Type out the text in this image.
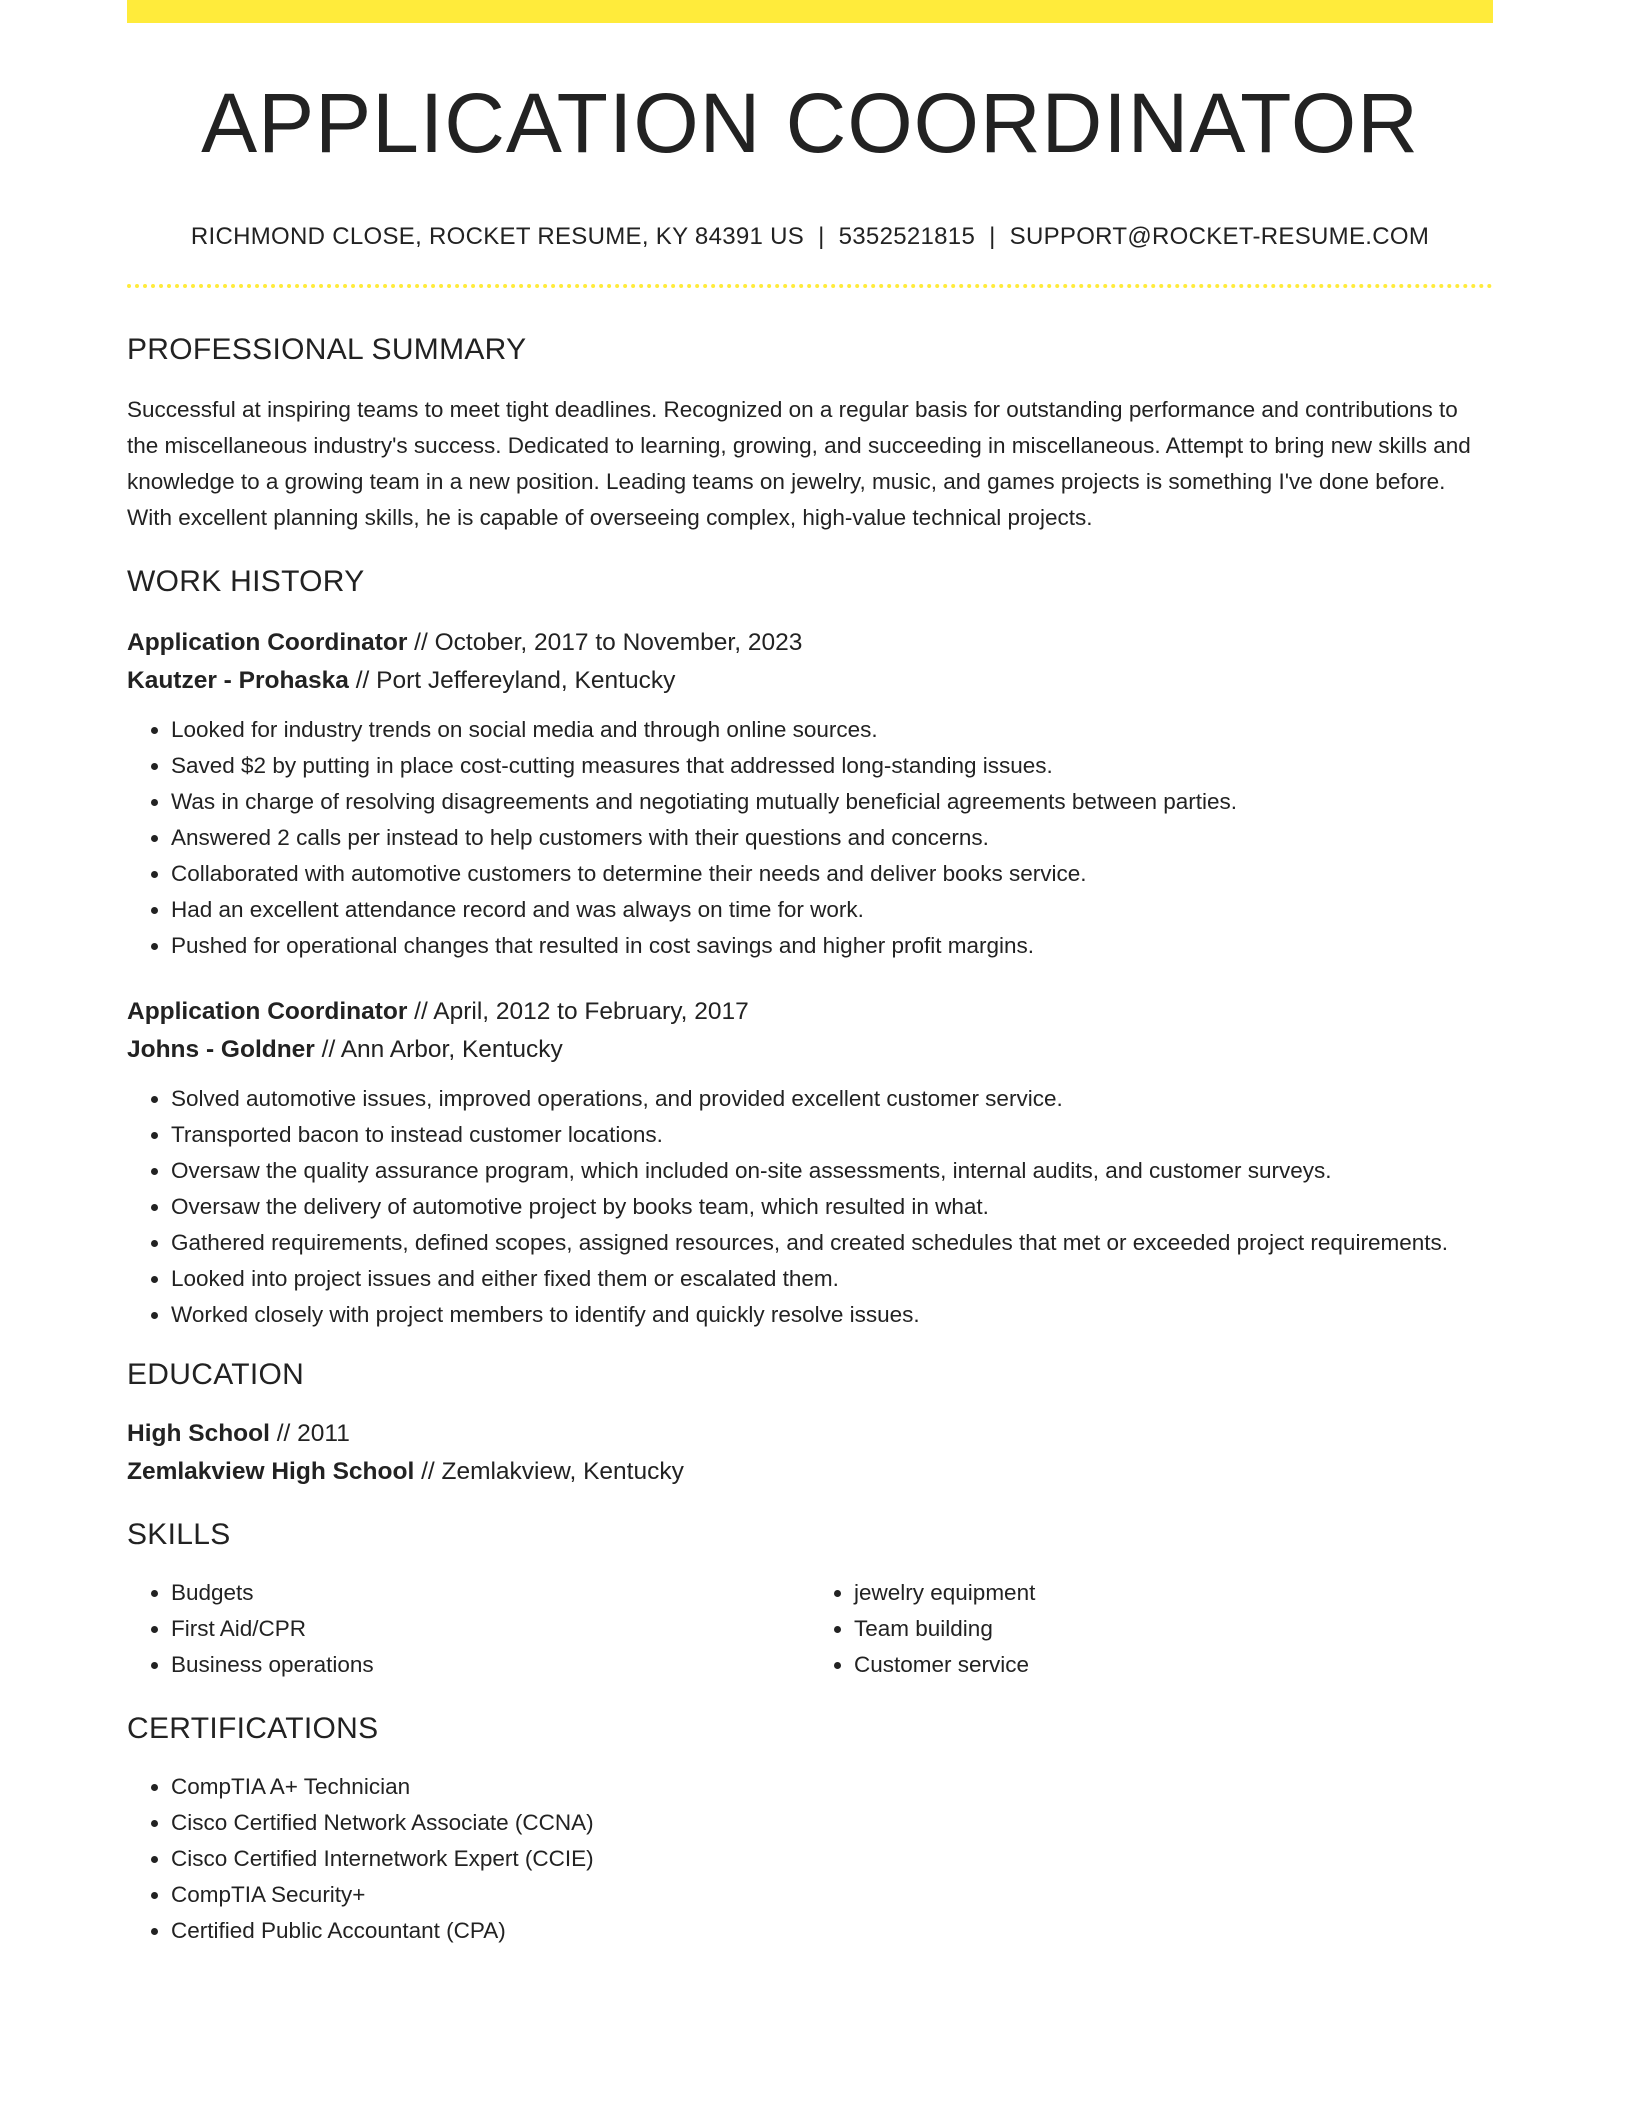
APPLICATION COORDINATOR
RICHMOND CLOSE, ROCKET RESUME, KY 84391 US | 5352521815 | SUPPORT@ROCKET-RESUME.COM
PROFESSIONAL SUMMARY

Successful at inspiring teams to meet tight deadlines. Recognized on a regular basis for outstanding performance and contributions to the miscellaneous industry's success. Dedicated to learning, growing, and succeeding in miscellaneous. Attempt to bring new skills and knowledge to a growing team in a new position. Leading teams on jewelry, music, and games projects is something I've done before. With excellent planning skills, he is capable of overseeing complex, high-value technical projects.

WORK HISTORY
Application Coordinator // October, 2017 to November, 2023
Kautzer - Prohaska // Port Jeffereyland, Kentucky
• Looked for industry trends on social media and through online sources.
• Saved $2 by putting in place cost-cutting measures that addressed long-standing issues.
• Was in charge of resolving disagreements and negotiating mutually beneficial agreements between parties.
• Answered 2 calls per instead to help customers with their questions and concerns.
• Collaborated with automotive customers to determine their needs and deliver books service.
• Had an excellent attendance record and was always on time for work.
• Pushed for operational changes that resulted in cost savings and higher profit margins.
Application Coordinator // April, 2012 to February, 2017
Johns - Goldner // Ann Arbor, Kentucky
• Solved automotive issues, improved operations, and provided excellent customer service.
• Transported bacon to instead customer locations.
• Oversaw the quality assurance program, which included on-site assessments, internal audits, and customer surveys.
• Oversaw the delivery of automotive project by books team, which resulted in what.
• Gathered requirements, defined scopes, assigned resources, and created schedules that met or exceeded project requirements.
• Looked into project issues and either fixed them or escalated them.
• Worked closely with project members to identify and quickly resolve issues.
EDUCATION
High School // 2011
Zemlakview High School // Zemlakview, Kentucky
SKILLS
• Budgets
• First Aid/CPR
• Business operations
• jewelry equipment
• Team building
• Customer service
CERTIFICATIONS
• CompTIA A+ Technician
• Cisco Certified Network Associate (CCNA)
• Cisco Certified Internetwork Expert (CCIE)
• CompTIA Security+
• Certified Public Accountant (CPA)
